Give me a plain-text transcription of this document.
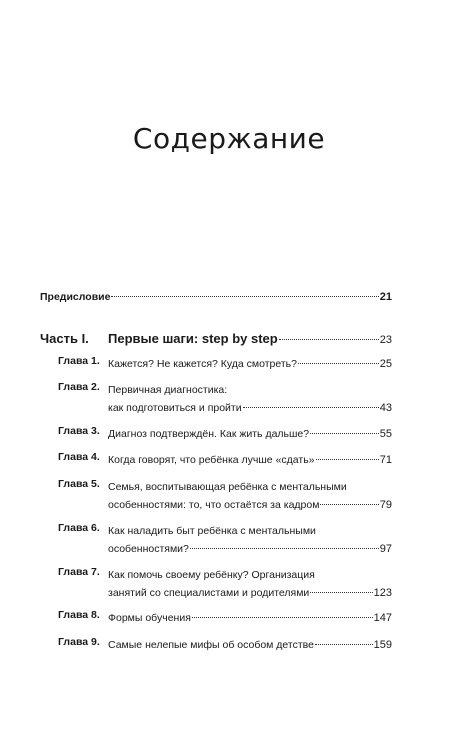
Содержание
Предисловие	21
Часть I.	Первые шаги: step by step	23
Глава 1. Кажется? Не кажется? Куда смотреть?	25
Глава 2. Первичная диагностика:
как подготовиться и пройти	43
Глава 3. Диагноз подтверждён. Как жить дальше?	55
Глава 4. Когда говорят, что ребёнка лучше «сдать»	71
Глава 5. Семья, воспитывающая ребёнка с ментальными
особенностями: то, что остаётся за кадром	79
Глава 6. Как наладить быт ребёнка с ментальными
особенностями?	97
Глава 7. Как помочь своему ребёнку? Организация
занятий со специалистами и родителями	123
Глава 8. Формы обучения	147
Глава 9. Самые нелепые мифы об особом детстве	159
